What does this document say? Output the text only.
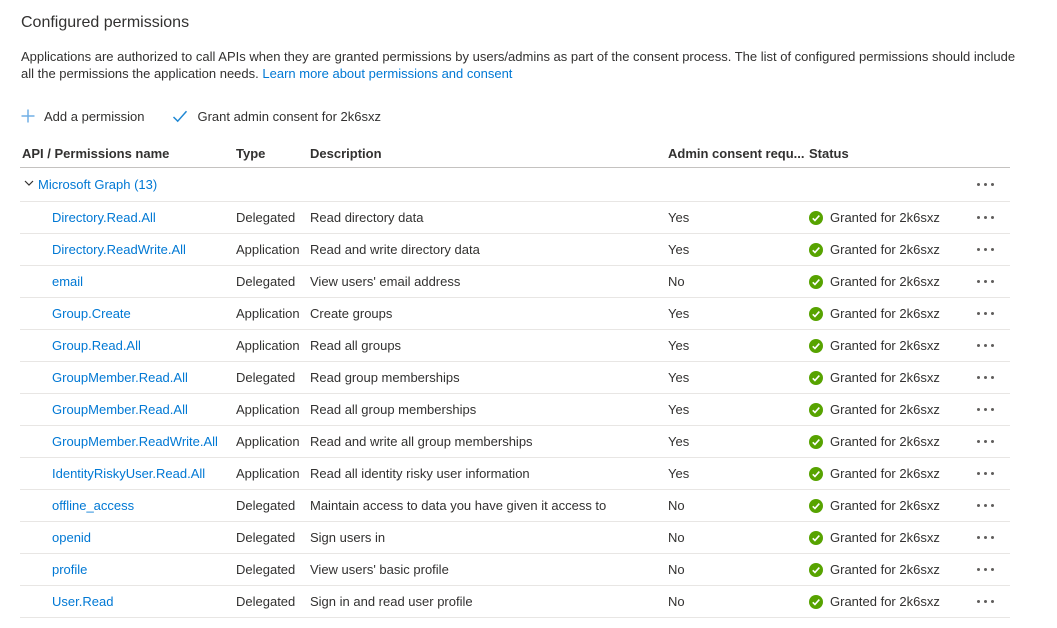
Configured permissions

Applications are authorized to call APIs when they are granted permissions by users/admins as part of the consent process. The list of configured permissions should include all the permissions the application needs. Learn more about permissions and consent

Add a permission	Grant admin consent for 2k6sxz
API / Permissions name	Type	Description	Admin consent requ... Status
Microsoft Graph (13)
Directory.Read.All	Delegated	Read directory data	Yes	Granted for 2k6sxz
Directory.ReadWrite.All	Application Read and write directory data	Yes	Granted for 2k6sxz
email	Delegated	View users' email address	No	Granted for 2k6sxz
Group.Create	Application Create groups	Yes	Granted for 2k6sxz
Group.Read.All	Application Read all groups	Yes	Granted for 2k6sxz
GroupMember.Read.All	Delegated	Read group memberships	Yes	Granted for 2k6sxz
GroupMember.Read.All	Application Read all group memberships	Yes	Granted for 2k6sxz
GroupMember.ReadWrite.All	Application Read and write all group memberships	Yes	Granted for 2k6sxz
IdentityRiskyUser.Read.All	Application Read all identity risky user information	Yes	Granted for 2k6sxz
offline_access	Delegated	Maintain access to data you have given it access to	No	Granted for 2k6sxz
openid	Delegated	Sign users in	No	Granted for 2k6sxz
profile	Delegated	View users' basic profile	No	Granted for 2k6sxz
User.Read	Delegated	Sign in and read user profile	No	Granted for 2k6sxz
